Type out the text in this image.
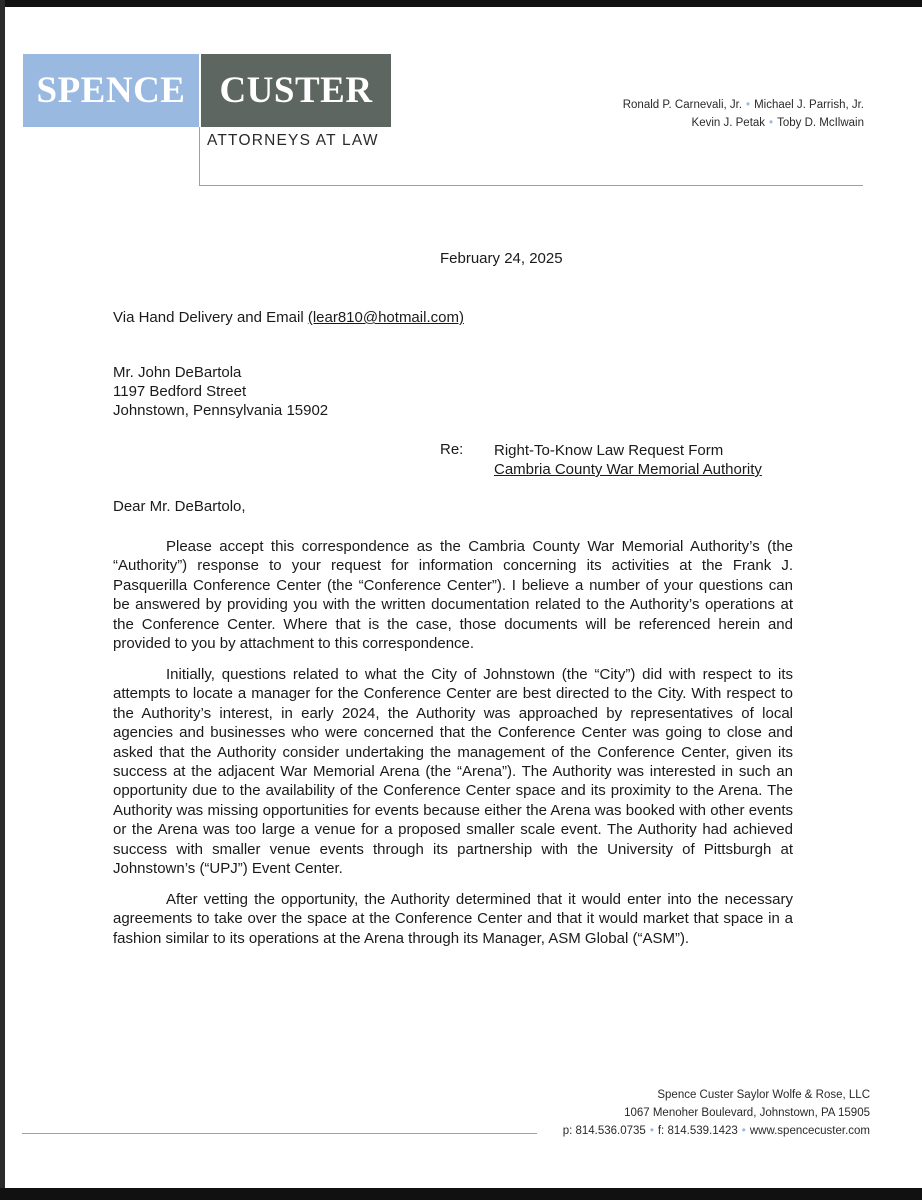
SPENCE CUSTER
ATTORNEYS AT LAW
Ronald P. Carnevali, Jr. • Michael J. Parrish, Jr.
Kevin J. Petak • Toby D. McIlwain
February 24, 2025
Via Hand Delivery and Email (lear810@hotmail.com)
Mr. John DeBartola
1197 Bedford Street
Johnstown, Pennsylvania 15902
Re: Right-To-Know Law Request Form
Cambria County War Memorial Authority
Dear Mr. DeBartolo,

Please accept this correspondence as the Cambria County War Memorial Authority’s (the “Authority”) response to your request for information concerning its activities at the Frank J. Pasquerilla Conference Center (the “Conference Center”). I believe a number of your questions can be answered by providing you with the written documentation related to the Authority’s operations at the Conference Center. Where that is the case, those documents will be referenced herein and provided to you by attachment to this correspondence.

Initially, questions related to what the City of Johnstown (the “City”) did with respect to its attempts to locate a manager for the Conference Center are best directed to the City. With respect to the Authority’s interest, in early 2024, the Authority was approached by representatives of local agencies and businesses who were concerned that the Conference Center was going to close and asked that the Authority consider undertaking the management of the Conference Center, given its success at the adjacent War Memorial Arena (the “Arena”). The Authority was interested in such an opportunity due to the availability of the Conference Center space and its proximity to the Arena. The Authority was missing opportunities for events because either the Arena was booked with other events or the Arena was too large a venue for a proposed smaller scale event. The Authority had achieved success with smaller venue events through its partnership with the University of Pittsburgh at Johnstown’s (“UPJ”) Event Center.

After vetting the opportunity, the Authority determined that it would enter into the necessary agreements to take over the space at the Conference Center and that it would market that space in a fashion similar to its operations at the Arena through its Manager, ASM Global (“ASM”).

Spence Custer Saylor Wolfe & Rose, LLC
1067 Menoher Boulevard, Johnstown, PA 15905
p: 814.536.0735 • f: 814.539.1423 • www.spencecuster.com
